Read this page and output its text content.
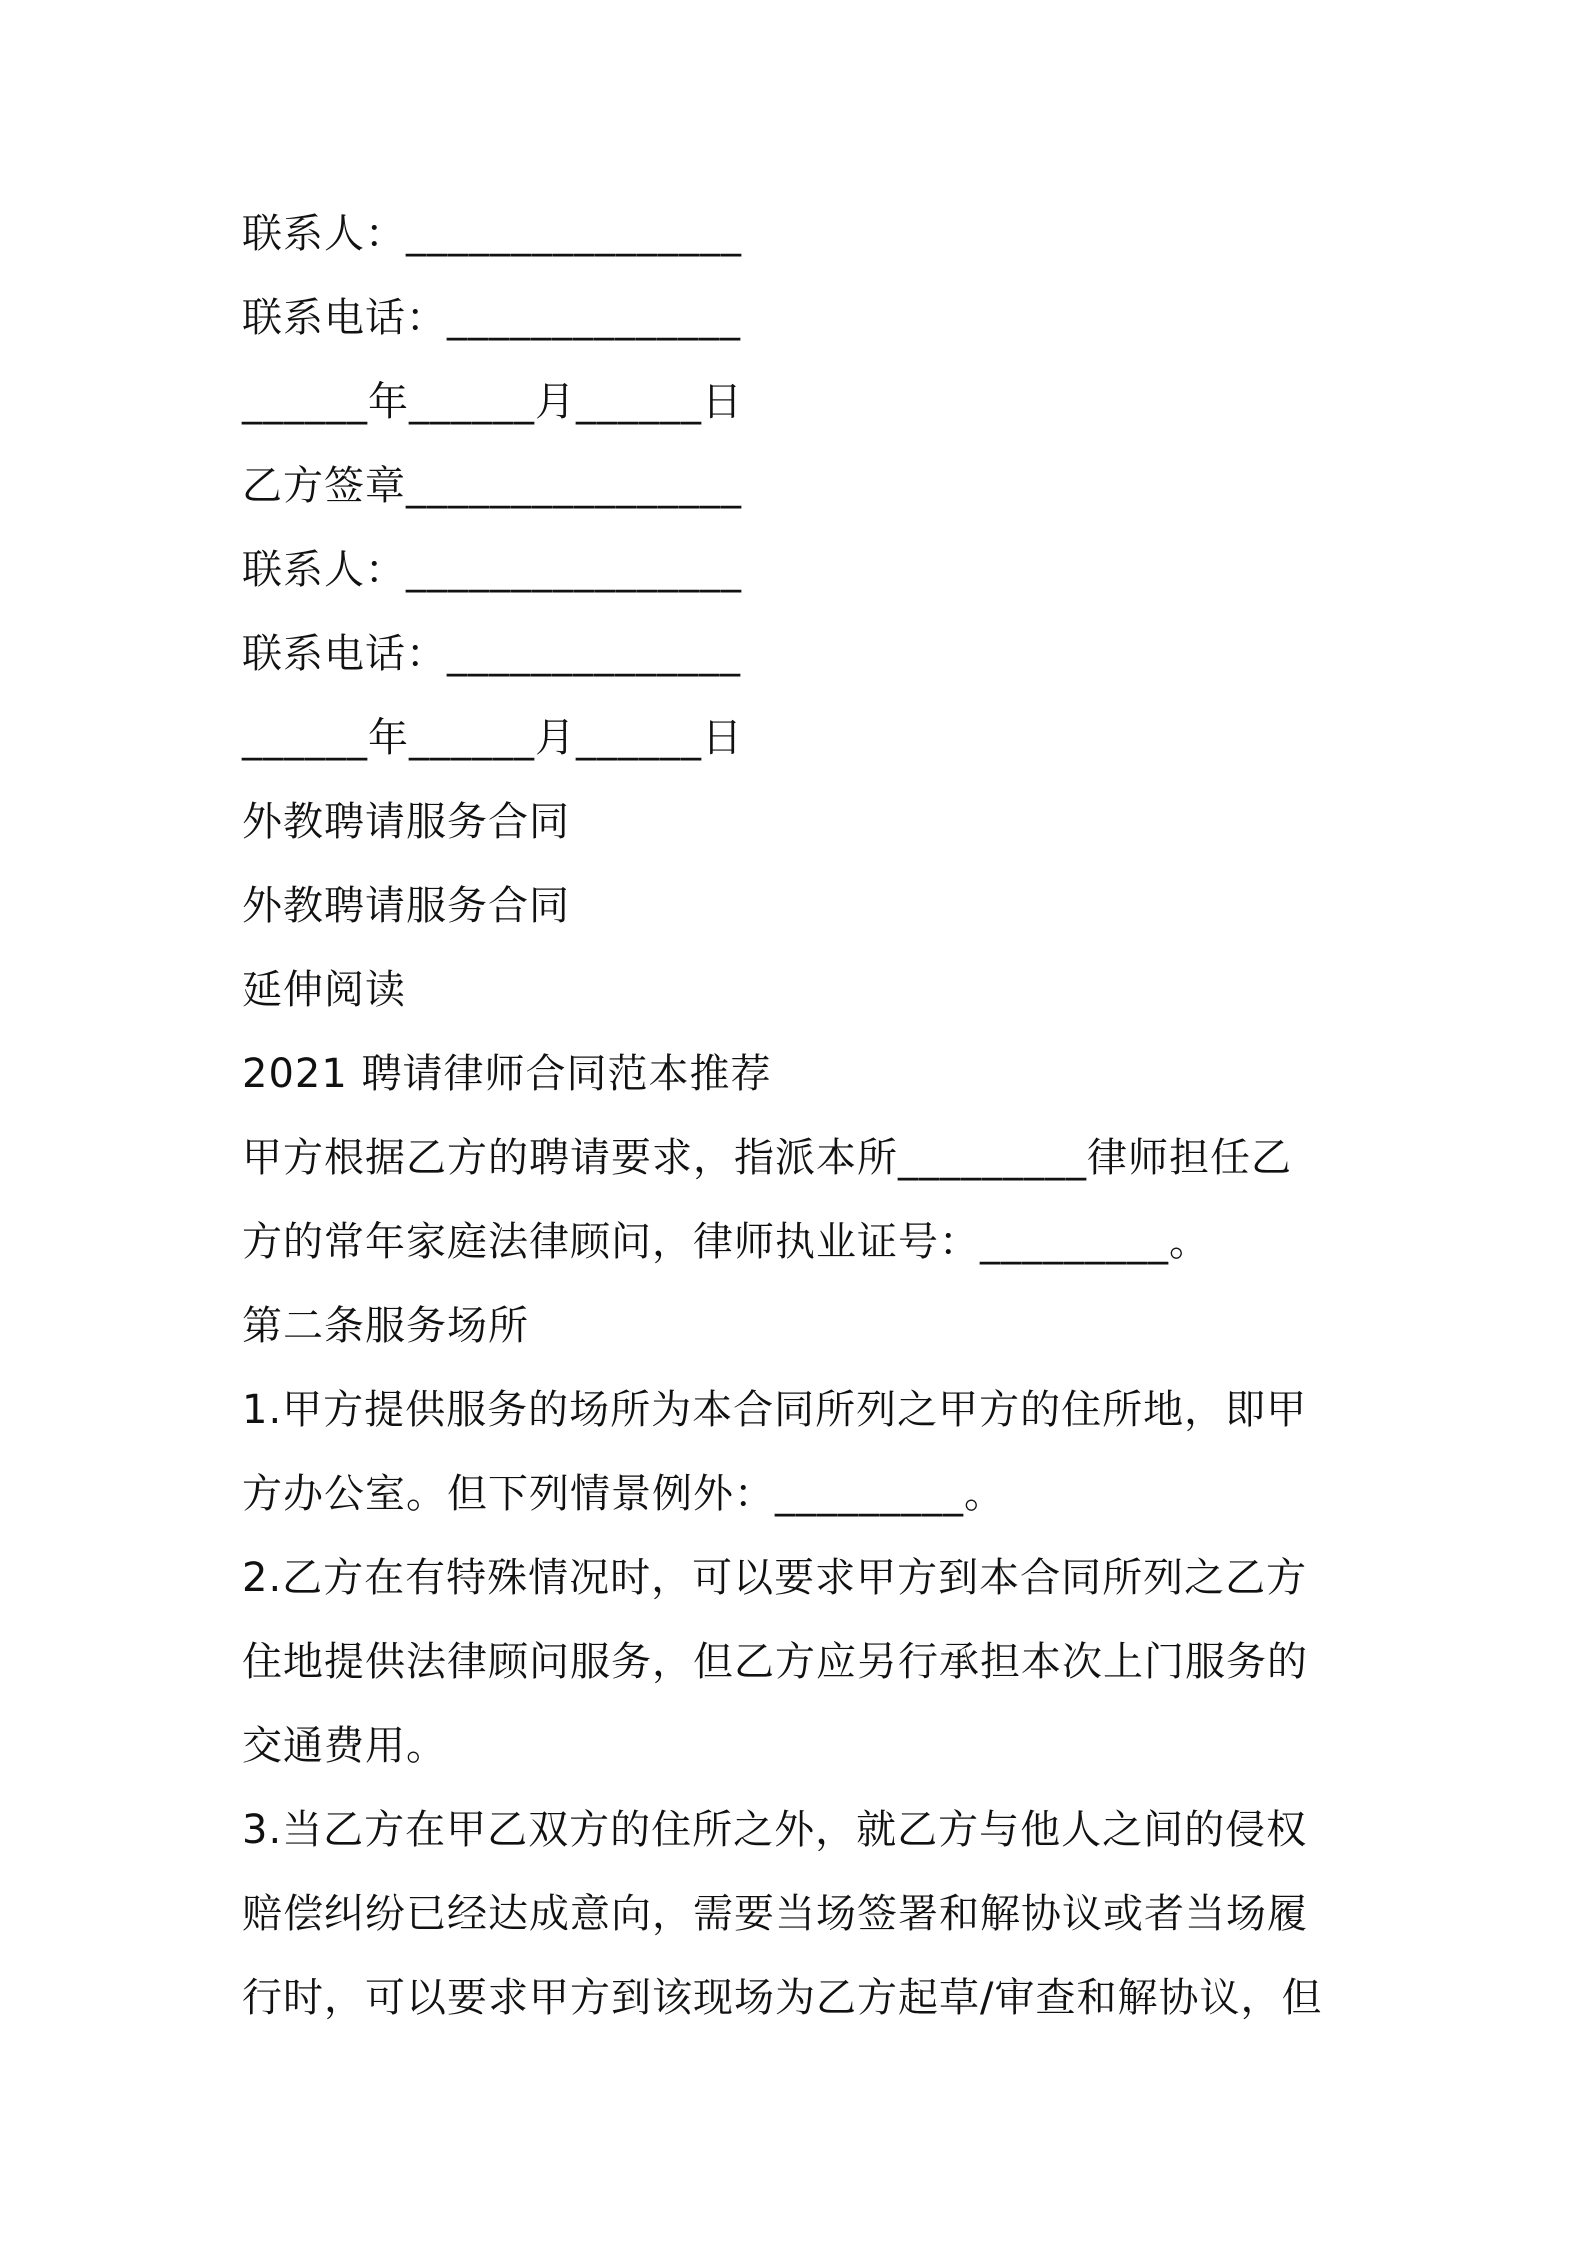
联系人：________________
联系电话：______________
______年______月______日
乙方签章________________
联系人：________________
联系电话：______________
______年______月______日
外教聘请服务合同
外教聘请服务合同
延伸阅读
2021 聘请律师合同范本推荐
甲方根据乙方的聘请要求，指派本所_________律师担任乙
方的常年家庭法律顾问，律师执业证号：_________。
第二条服务场所
1.甲方提供服务的场所为本合同所列之甲方的住所地，即甲
方办公室。但下列情景例外：_________。
2.乙方在有特殊情况时，可以要求甲方到本合同所列之乙方
住地提供法律顾问服务，但乙方应另行承担本次上门服务的
交通费用。
3.当乙方在甲乙双方的住所之外，就乙方与他人之间的侵权
赔偿纠纷已经达成意向，需要当场签署和解协议或者当场履
行时，可以要求甲方到该现场为乙方起草/审查和解协议，但
